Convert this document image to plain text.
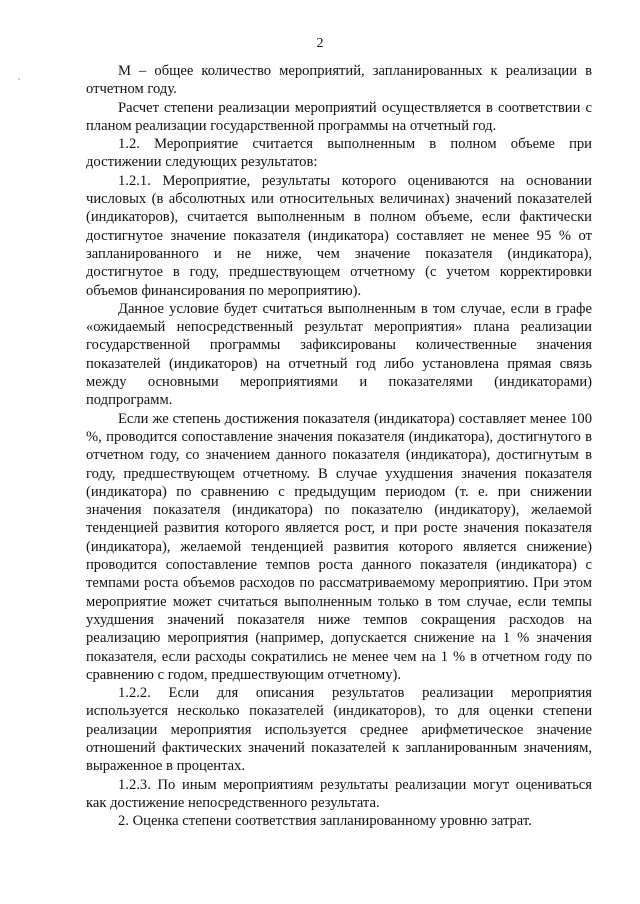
2

М – общее количество мероприятий, запланированных к реализации в отчетном году.

Расчет степени реализации мероприятий осуществляется в соответствии с планом реализации государственной программы на отчетный год.

1.2. Мероприятие считается выполненным в полном объеме при достижении следующих результатов:

1.2.1. Мероприятие, результаты которого оцениваются на основании числовых (в абсолютных или относительных величинах) значений показателей (индикаторов), считается выполненным в полном объеме, если фактически достигнутое значение показателя (индикатора) составляет не менее 95 % от запланированного и не ниже, чем значение показателя (индикатора), достигнутое в году, предшествующем отчетному (с учетом корректировки объемов финансирования по мероприятию).

Данное условие будет считаться выполненным в том случае, если в графе «ожидаемый непосредственный результат мероприятия» плана реализации государственной программы зафиксированы количественные значения показателей (индикаторов) на отчетный год либо установлена прямая связь между основными мероприятиями и показателями (индикаторами) подпрограмм.

Если же степень достижения показателя (индикатора) составляет менее 100 %, проводится сопоставление значения показателя (индикатора), достигнутого в отчетном году, со значением данного показателя (индикатора), достигнутым в году, предшествующем отчетному. В случае ухудшения значения показателя (индикатора) по сравнению с предыдущим периодом (т. е. при снижении значения показателя (индикатора) по показателю (индикатору), желаемой тенденцией развития которого является рост, и при росте значения показателя (индикатора), желаемой тенденцией развития которого является снижение) проводится сопоставление темпов роста данного показателя (индикатора) с темпами роста объемов расходов по рассматриваемому мероприятию. При этом мероприятие может считаться выполненным только в том случае, если темпы ухудшения значений показателя ниже темпов сокращения расходов на реализацию мероприятия (например, допускается снижение на 1 % значения показателя, если расходы сократились не менее чем на 1 % в отчетном году по сравнению с годом, предшествующим отчетному).

1.2.2. Если для описания результатов реализации мероприятия используется несколько показателей (индикаторов), то для оценки степени реализации мероприятия используется среднее арифметическое значение отношений фактических значений показателей к запланированным значениям, выраженное в процентах.

1.2.3. По иным мероприятиям результаты реализации могут оцениваться как достижение непосредственного результата.

2. Оценка степени соответствия запланированному уровню затрат.
